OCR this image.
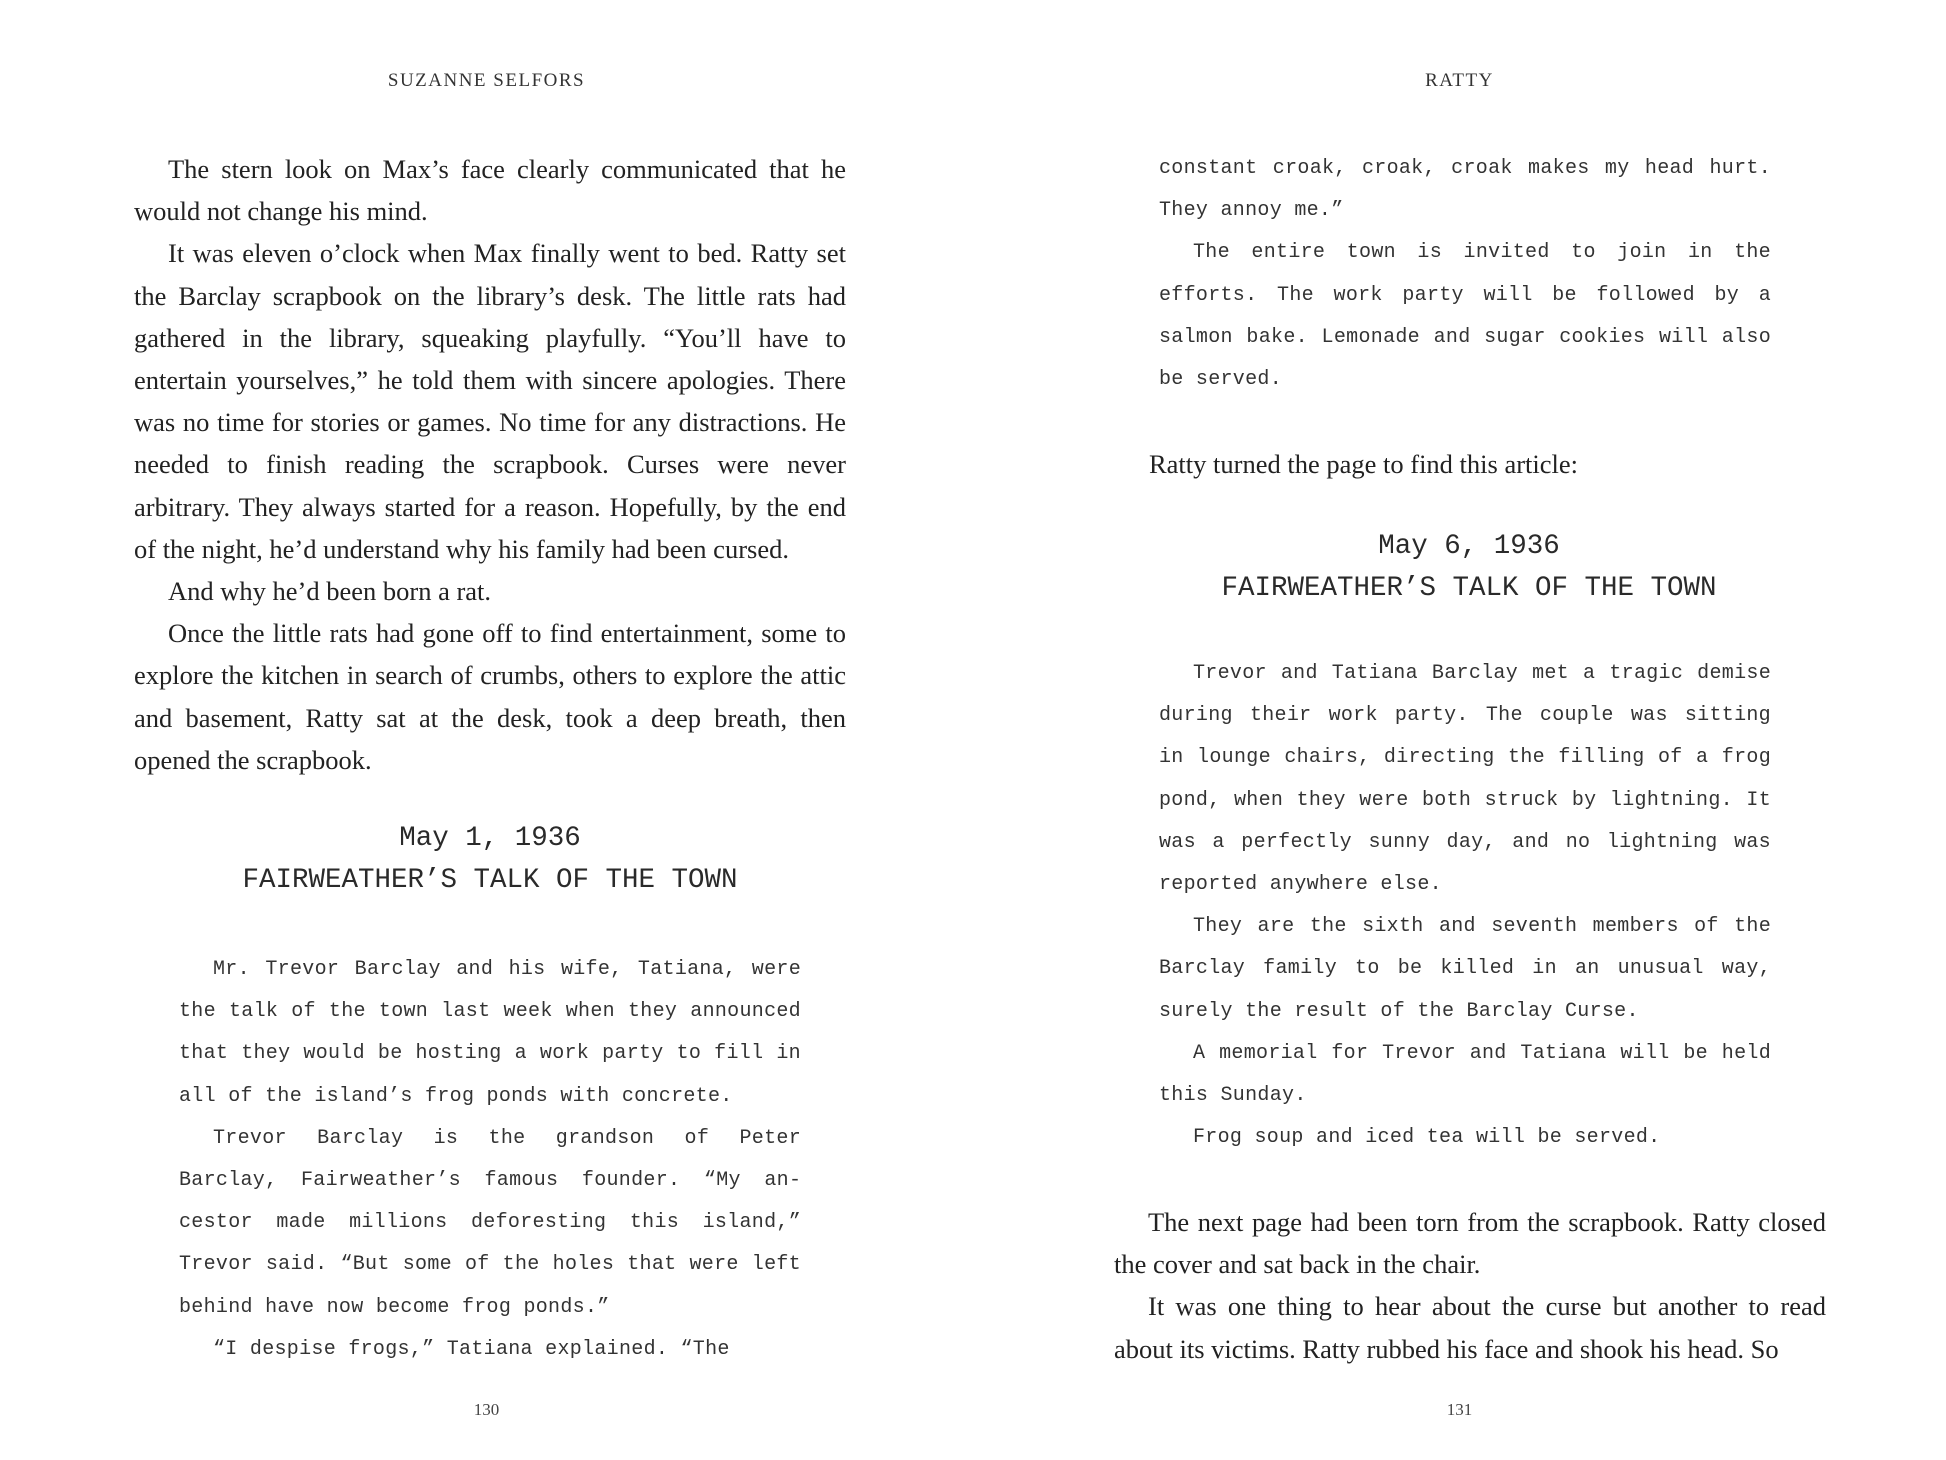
SUZANNE SELFORS

The stern look on Max’s face clearly communicated that he would not change his mind.

It was eleven o’clock when Max finally went to bed. Ratty set the Barclay scrapbook on the library’s desk. The little rats had gathered in the library, squeaking playfully. “You’ll have to entertain yourselves,” he told them with sincere apologies. There was no time for stories or games. No time for any distractions. He needed to finish reading the scrapbook. Curses were never arbitrary. They always started for a reason. Hopefully, by the end of the night, he’d understand why his family had been cursed.

And why he’d been born a rat.

Once the little rats had gone off to find entertainment, some to explore the kitchen in search of crumbs, others to explore the attic and basement, Ratty sat at the desk, took a deep breath, then opened the scrapbook.

May 1, 1936
FAIRWEATHER’S TALK OF THE TOWN

Mr. Trevor Barclay and his wife, Tatiana, were the talk of the town last week when they announced that they would be hosting a work party to fill in all of the island’s frog ponds with concrete.

Trevor Barclay is the grandson of Peter Barclay, Fairweather’s famous founder. “My ancestor made millions deforesting this island,” Trevor said. “But some of the holes that were left behind have now become frog ponds.”

“I despise frogs,” Tatiana explained. “The

130
RATTY

constant croak, croak, croak makes my head hurt. They annoy me.”

The entire town is invited to join in the efforts. The work party will be followed by a salmon bake. Lemonade and sugar cookies will also be served.

Ratty turned the page to find this article:

May 6, 1936
FAIRWEATHER’S TALK OF THE TOWN

Trevor and Tatiana Barclay met a tragic demise during their work party. The couple was sitting in lounge chairs, directing the filling of a frog pond, when they were both struck by lightning. It was a perfectly sunny day, and no lightning was reported anywhere else.

They are the sixth and seventh members of the Barclay family to be killed in an unusual way, surely the result of the Barclay Curse.

A memorial for Trevor and Tatiana will be held this Sunday.

Frog soup and iced tea will be served.

The next page had been torn from the scrapbook. Ratty closed the cover and sat back in the chair.

It was one thing to hear about the curse but another to read about its victims. Ratty rubbed his face and shook his head. So

131
